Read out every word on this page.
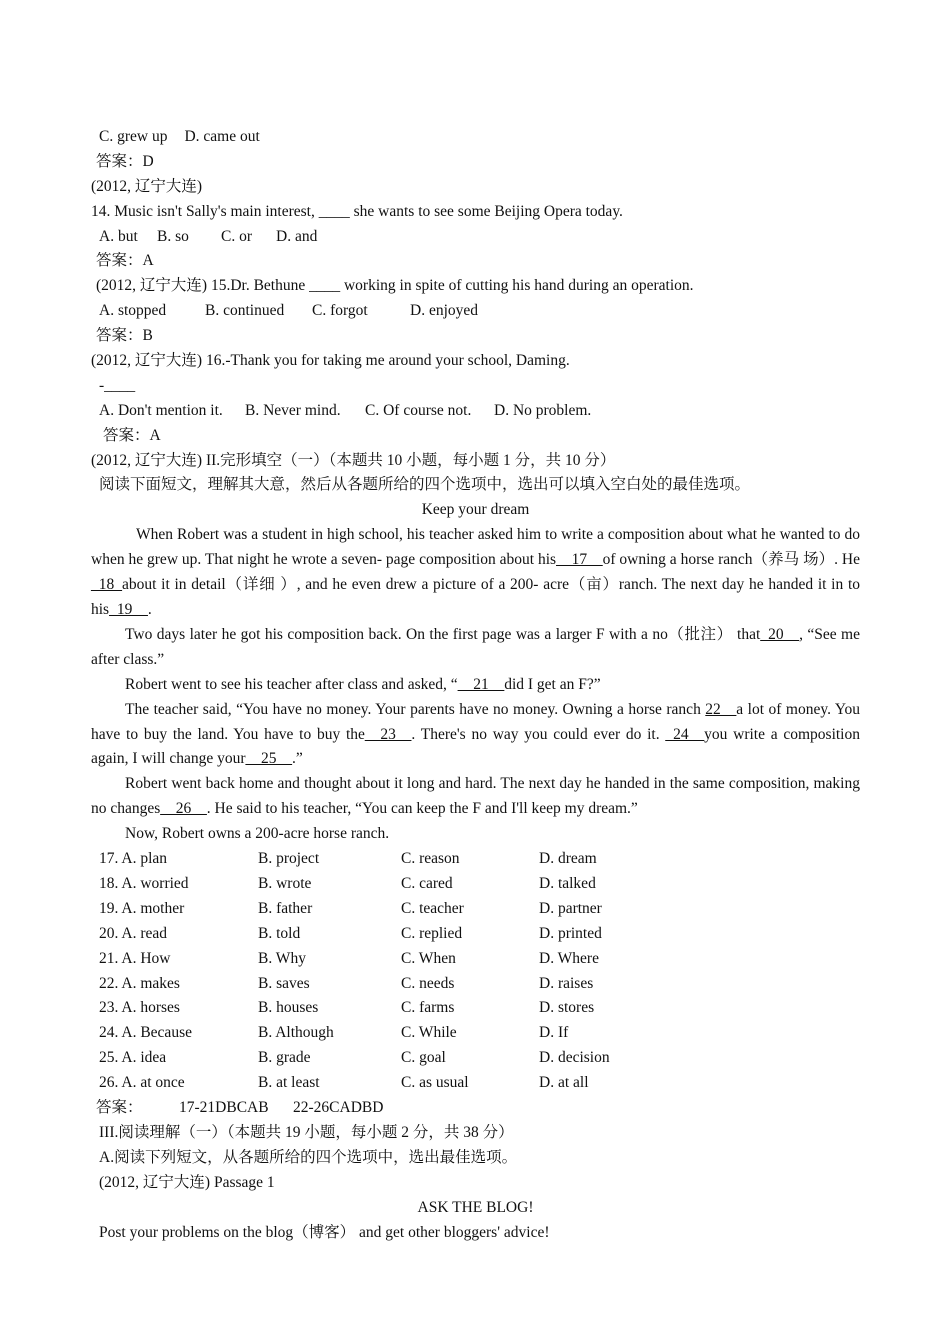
C. grew up D. came out
答案：D
(2012, 辽宁大连)
14. Music isn't Sally's main interest, ____ she wants to see some Beijing Opera today.
A. but B. so C. or D. and
答案：A
(2012, 辽宁大连) 15.Dr. Bethune ____ working in spite of cutting his hand during an operation.
A. stopped	B. continued C. forgot	D. enjoyed
答案：B
(2012, 辽宁大连) 16.-Thank you for taking me around your school, Daming.
-____
A. Don't mention it. B. Never mind. C. Of course not. D. No problem.
答案：A
(2012, 辽宁大连) II.完形填空（一）（本题共 10 小题，每小题 1 分，共 10 分）
阅读下面短文，理解其大意，然后从各题所给的四个选项中，选出可以填入空白处的最佳选项。
Keep your dream
When Robert was a student in high school, his teacher asked him to write a composition about what he wanted to do when he grew up. That night he wrote a seven- page composition about his__17__of owning a horse ranch（养马 场）. He _18_about it in detail（详细 ）, and he even drew a picture of a 200- acre（亩）ranch. The next day he handed it in to his_19__.
Two days later he got his composition back. On the first page was a larger F with a no（批注） that_20__, “See me after class.”
Robert went to see his teacher after class and asked, “__21__did I get an F?”
The teacher said, “You have no money. Your parents have no money. Owning a horse ranch 22__a lot of money. You have to buy the land. You have to buy the__23__. There's no way you could ever do it. _24__you write a composition again, I will change your__25__.”
Robert went back home and thought about it long and hard. The next day he handed in the same composition, making no changes__26__. He said to his teacher, “You can keep the F and I'll keep my dream.”
Now, Robert owns a 200-acre horse ranch.
17. A. plan	B. project	C. reason	D. dream
18. A. worried	B. wrote	C. cared	D. talked
19. A. mother	B. father	C. teacher	D. partner
20. A. read	B. told	C. replied	D. printed
21. A. How	B. Why	C. When	D. Where
22. A. makes	B. saves	C. needs	D. raises
23. A. horses	B. houses	C. farms	D. stores
24. A. Because	B. Although	C. While	D. If
25. A. idea	B. grade	C. goal	D. decision
26. A. at once	B. at least	C. as usual	D. at all
答案： 17-21DBCAB 22-26CADBD
III.阅读理解（一）（本题共 19 小题，每小题 2 分，共 38 分）
A.阅读下列短文，从各题所给的四个选项中，选出最佳选项。
(2012, 辽宁大连) Passage 1
ASK THE BLOG!
Post your problems on the blog（博客） and get other bloggers' advice!
